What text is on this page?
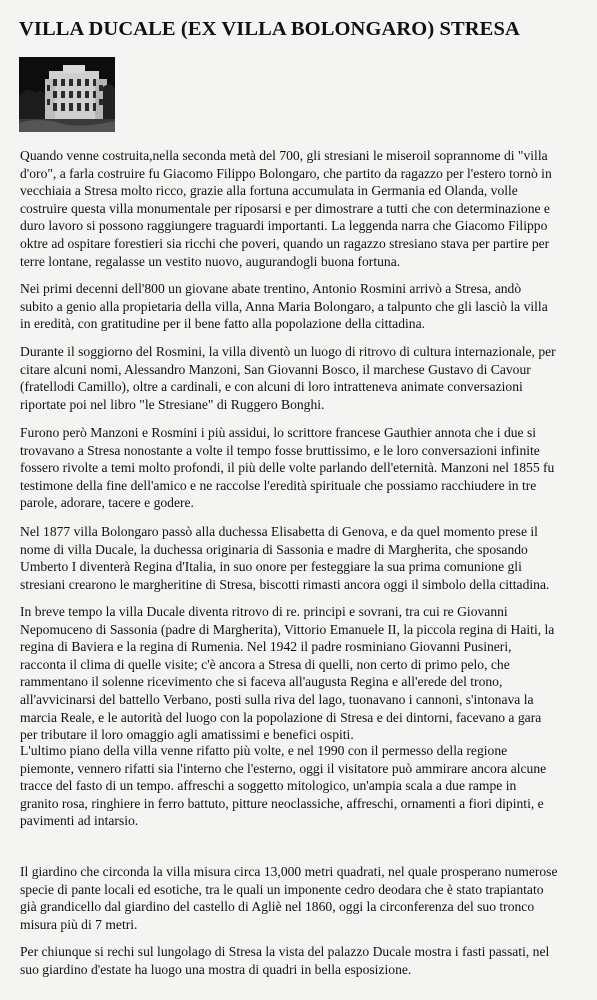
VILLA DUCALE (EX VILLA BOLONGARO) STRESA

Quando venne costruita,nella seconda metà del 700, gli stresiani le miseroil soprannome di "villa
d'oro", a farla costruire fu Giacomo Filippo Bolongaro, che partito da ragazzo per l'estero tornò in
vecchiaia a Stresa molto ricco, grazie alla fortuna accumulata in Germania ed Olanda, volle
costruire questa villa monumentale per riposarsi e per dimostrare a tutti che con determinazione e
duro lavoro si possono raggiungere traguardi importanti. La leggenda narra che Giacomo Filippo
oktre ad ospitare forestieri sia ricchi che poveri, quando un ragazzo stresiano stava per partire per
terre lontane, regalasse un vestito nuovo, augurandogli buona fortuna.

Nei primi decenni dell'800 un giovane abate trentino, Antonio Rosmini arrivò a Stresa, andò
subito a genio alla propietaria della villa, Anna Maria Bolongaro, a talpunto che gli lasciò la villa
in eredità, con gratitudine per il bene fatto alla popolazione della cittadina.

Durante il soggiorno del Rosmini, la villa diventò un luogo di ritrovo di cultura internazionale, per
citare alcuni nomi, Alessandro Manzoni, San Giovanni Bosco, il marchese Gustavo di Cavour
(fratellodi Camillo), oltre a cardinali, e con alcuni di loro intratteneva animate conversazioni
riportate poi nel libro "le Stresiane" di Ruggero Bonghi.

Furono però Manzoni e Rosmini i più assidui, lo scrittore francese Gauthier annota che i due si
trovavano a Stresa nonostante a volte il tempo fosse bruttissimo, e le loro conversazioni infinite
fossero rivolte a temi molto profondi, il più delle volte parlando dell'eternità. Manzoni nel 1855 fu
testimone della fine dell'amico e ne raccolse l'eredità spirituale che possiamo racchiudere in tre
parole, adorare, tacere e godere.

Nel 1877 villa Bolongaro passò alla duchessa Elisabetta di Genova, e da quel momento prese il
nome di villa Ducale, la duchessa originaria di Sassonia e madre di Margherita, che sposando
Umberto I diventerà Regina d'Italia, in suo onore per festeggiare la sua prima comunione gli
stresiani crearono le margheritine di Stresa, biscotti rimasti ancora oggi il simbolo della cittadina.

In breve tempo la villa Ducale diventa ritrovo di re. principi e sovrani, tra cui re Giovanni
Nepomuceno di Sassonia (padre di Margherita), Vittorio Emanuele II, la piccola regina di Haiti, la
regina di Baviera e la regina di Rumenia. Nel 1942 il padre rosminiano Giovanni Pusineri,
racconta il clima di quelle visite; c'è ancora a Stresa di quelli, non certo di primo pelo, che
rammentano il solenne ricevimento che si faceva all'augusta Regina e all'erede del trono,
all'avvicinarsi del battello Verbano, posti sulla riva del lago, tuonavano i cannoni, s'intonava la
marcia Reale, e le autorità del luogo con la popolazione di Stresa e dei dintorni, facevano a gara
per tributare il loro omaggio agli amatissimi e benefici ospiti.

L'ultimo piano della villa venne rifatto più volte, e nel 1990 con il permesso della regione
piemonte, vennero rifatti sia l'interno che l'esterno, oggi il visitatore può ammirare ancora alcune
tracce del fasto di un tempo. affreschi a soggetto mitologico, un'ampia scala a due rampe in
granito rosa, ringhiere in ferro battuto, pitture neoclassiche, affreschi, ornamenti a fiori dipinti, e
pavimenti ad intarsio.

Il giardino che circonda la villa misura circa 13,000 metri quadrati, nel quale prosperano numerose
specie di pante locali ed esotiche, tra le quali un imponente cedro deodara che è stato trapiantato
già grandicello dal giardino del castello di Agliè nel 1860, oggi la circonferenza del suo tronco
misura più di 7 metri.

Per chiunque si rechi sul lungolago di Stresa la vista del palazzo Ducale mostra i fasti passati, nel
suo giardino d'estate ha luogo una mostra di quadri in bella esposizione.
